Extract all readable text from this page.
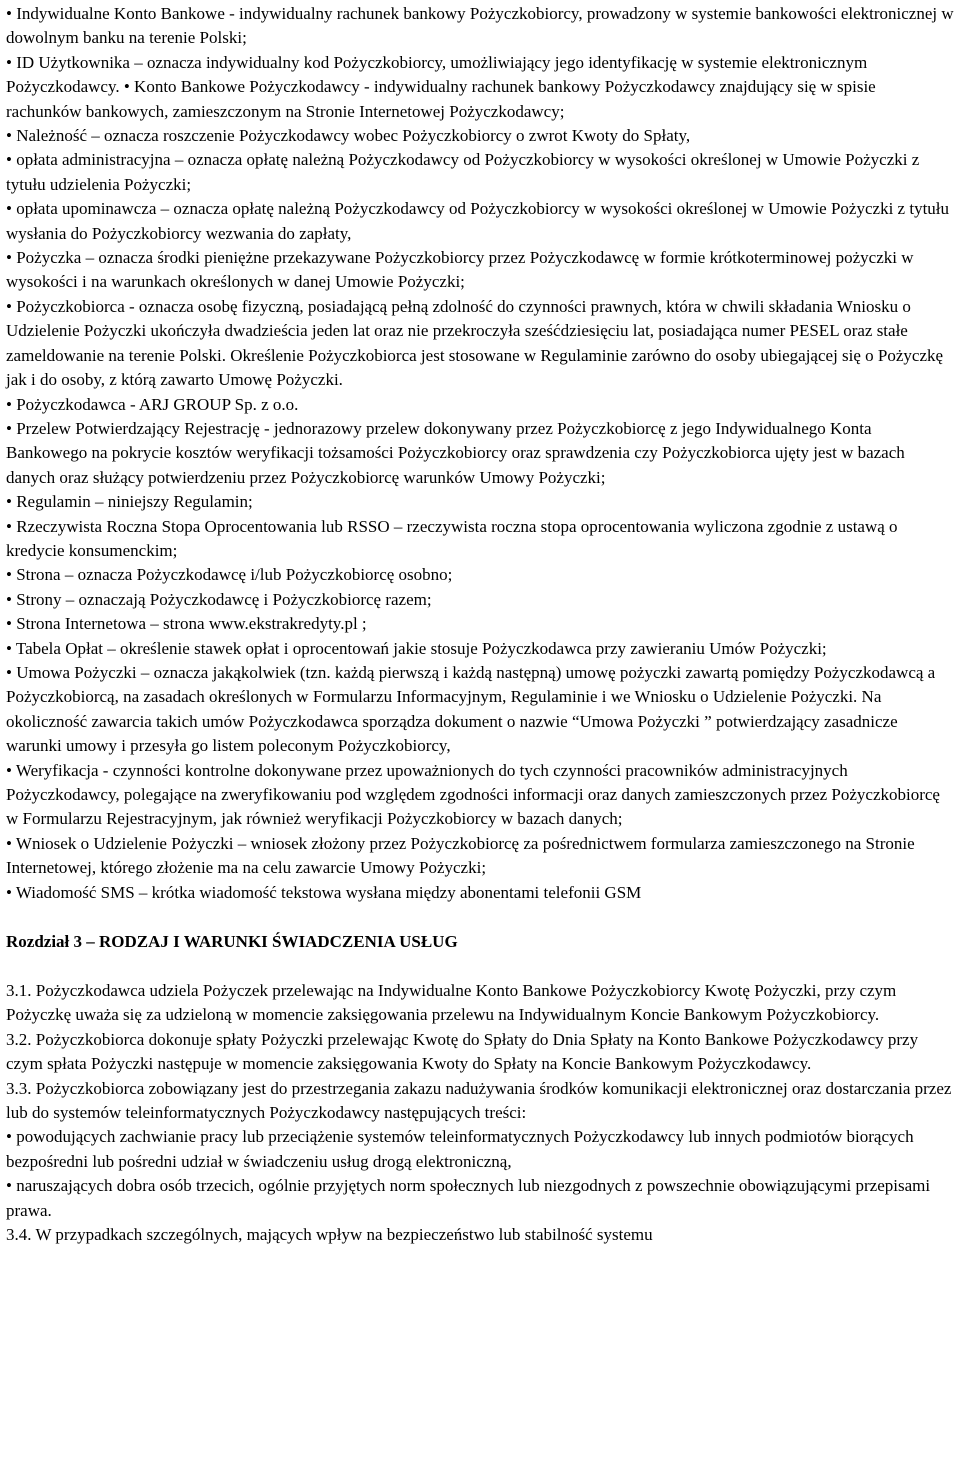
• Indywidualne Konto Bankowe - indywidualny rachunek bankowy Pożyczkobiorcy, prowadzony w systemie bankowości elektronicznej w dowolnym banku na terenie Polski;

• ID Użytkownika – oznacza indywidualny kod Pożyczkobiorcy, umożliwiający jego identyfikację w systemie elektronicznym Pożyczkodawcy. • Konto Bankowe Pożyczkodawcy - indywidualny rachunek bankowy Pożyczkodawcy znajdujący się w spisie rachunków bankowych, zamieszczonym na Stronie Internetowej Pożyczkodawcy;

• Należność – oznacza roszczenie Pożyczkodawcy wobec Pożyczkobiorcy o zwrot Kwoty do Spłaty,

• opłata administracyjna – oznacza opłatę należną Pożyczkodawcy od Pożyczkobiorcy w wysokości określonej w Umowie Pożyczki z tytułu udzielenia Pożyczki;

• opłata upominawcza – oznacza opłatę należną Pożyczkodawcy od Pożyczkobiorcy w wysokości określonej w Umowie Pożyczki z tytułu wysłania do Pożyczkobiorcy wezwania do zapłaty,

• Pożyczka – oznacza środki pieniężne przekazywane Pożyczkobiorcy przez Pożyczkodawcę w formie krótkoterminowej pożyczki w wysokości i na warunkach określonych w danej Umowie Pożyczki;

• Pożyczkobiorca - oznacza osobę fizyczną, posiadającą pełną zdolność do czynności prawnych, która w chwili składania Wniosku o Udzielenie Pożyczki ukończyła dwadzieścia jeden lat oraz nie przekroczyła sześćdziesięciu lat, posiadająca numer PESEL oraz stałe zameldowanie na terenie Polski. Określenie Pożyczkobiorca jest stosowane w Regulaminie zarówno do osoby ubiegającej się o Pożyczkę jak i do osoby, z którą zawarto Umowę Pożyczki.

• Pożyczkodawca - ARJ GROUP Sp. z o.o.

• Przelew Potwierdzający Rejestrację - jednorazowy przelew dokonywany przez Pożyczkobiorcę z jego Indywidualnego Konta Bankowego na pokrycie kosztów weryfikacji tożsamości Pożyczkobiorcy oraz sprawdzenia czy Pożyczkobiorca ujęty jest w bazach danych oraz służący potwierdzeniu przez Pożyczkobiorcę warunków Umowy Pożyczki;

• Regulamin – niniejszy Regulamin;

• Rzeczywista Roczna Stopa Oprocentowania lub RSSO – rzeczywista roczna stopa oprocentowania wyliczona zgodnie z ustawą o kredycie konsumenckim;

• Strona – oznacza Pożyczkodawcę i/lub Pożyczkobiorcę osobno;

• Strony – oznaczają Pożyczkodawcę i Pożyczkobiorcę razem;

• Strona Internetowa – strona www.ekstrakredyty.pl ;

• Tabela Opłat – określenie stawek opłat i oprocentowań jakie stosuje Pożyczkodawca przy zawieraniu Umów Pożyczki;

• Umowa Pożyczki – oznacza jakąkolwiek (tzn. każdą pierwszą i każdą następną) umowę pożyczki zawartą pomiędzy Pożyczkodawcą a Pożyczkobiorcą, na zasadach określonych w Formularzu Informacyjnym, Regulaminie i we Wniosku o Udzielenie Pożyczki. Na okoliczność zawarcia takich umów Pożyczkodawca sporządza dokument o nazwie “Umowa Pożyczki ” potwierdzający zasadnicze warunki umowy i przesyła go listem poleconym Pożyczkobiorcy,

• Weryfikacja - czynności kontrolne dokonywane przez upoważnionych do tych czynności pracowników administracyjnych Pożyczkodawcy, polegające na zweryfikowaniu pod względem zgodności informacji oraz danych zamieszczonych przez Pożyczkobiorcę w Formularzu Rejestracyjnym, jak również weryfikacji Pożyczkobiorcy w bazach danych;

• Wniosek o Udzielenie Pożyczki – wniosek złożony przez Pożyczkobiorcę za pośrednictwem formularza zamieszczonego na Stronie Internetowej, którego złożenie ma na celu zawarcie Umowy Pożyczki;

• Wiadomość SMS – krótka wiadomość tekstowa wysłana między abonentami telefonii GSM

Rozdział 3 – RODZAJ I WARUNKI ŚWIADCZENIA USŁUG

3.1. Pożyczkodawca udziela Pożyczek przelewając na Indywidualne Konto Bankowe Pożyczkobiorcy Kwotę Pożyczki, przy czym Pożyczkę uważa się za udzieloną w momencie zaksięgowania przelewu na Indywidualnym Koncie Bankowym Pożyczkobiorcy.

3.2. Pożyczkobiorca dokonuje spłaty Pożyczki przelewając Kwotę do Spłaty do Dnia Spłaty na Konto Bankowe Pożyczkodawcy przy czym spłata Pożyczki następuje w momencie zaksięgowania Kwoty do Spłaty na Koncie Bankowym Pożyczkodawcy.

3.3. Pożyczkobiorca zobowiązany jest do przestrzegania zakazu nadużywania środków komunikacji elektronicznej oraz dostarczania przez lub do systemów teleinformatycznych Pożyczkodawcy następujących treści:

• powodujących zachwianie pracy lub przeciążenie systemów teleinformatycznych Pożyczkodawcy lub innych podmiotów biorących bezpośredni lub pośredni udział w świadczeniu usług drogą elektroniczną,

• naruszających dobra osób trzecich, ogólnie przyjętych norm społecznych lub niezgodnych z powszechnie obowiązującymi przepisami prawa.

3.4. W przypadkach szczególnych, mających wpływ na bezpieczeństwo lub stabilność systemu
